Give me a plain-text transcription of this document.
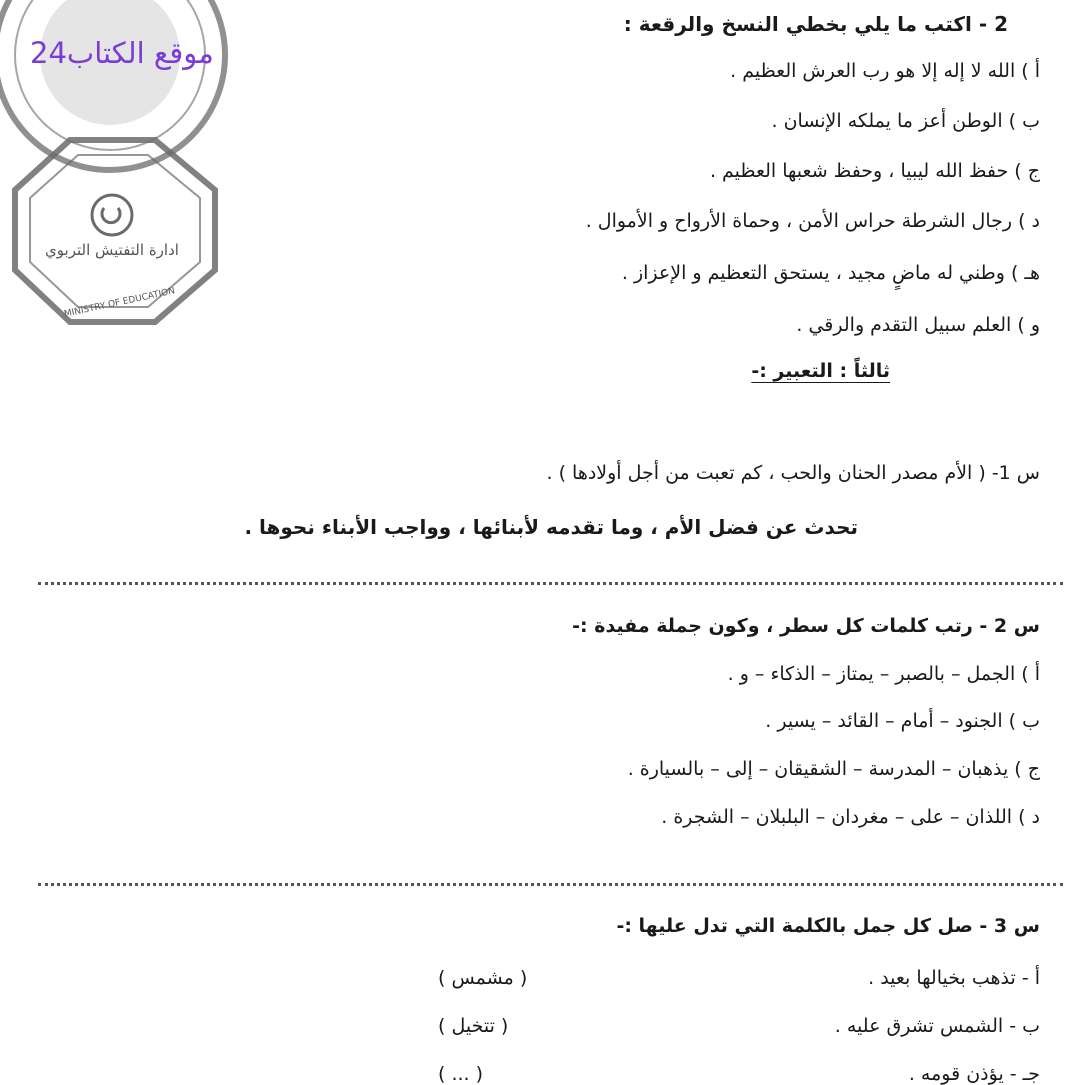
ادارة التفتيش التربوي
MINISTRY OF EDUCATION
موقع الكتاب24
2 - اكتب ما يلي بخطي النسخ والرقعة :
أ ) الله لا إله إلا هو رب العرش العظيم .
ب ) الوطن أعز ما يملكه الإنسان .
ج ) حفظ الله ليبيا ، وحفظ شعبها العظيم .
د ) رجال الشرطة حراس الأمن ، وحماة الأرواح و الأموال .
هـ ) وطني له ماضٍ مجيد ، يستحق التعظيم و الإعزاز .
و ) العلم سبيل التقدم والرقي .
ثالثاً : التعبير :-
س 1- ( الأم مصدر الحنان والحب ، كم تعبت من أجل أولادها ) .
تحدث عن فضل الأم ، وما تقدمه لأبنائها ، وواجب الأبناء نحوها .
س 2 - رتب كلمات كل سطر ، وكون جملة مفيدة :-
أ ) الجمل – بالصبر – يمتاز – الذكاء – و .
ب ) الجنود – أمام – القائد – يسير .
ج ) يذهبان – المدرسة – الشقيقان – إلى – بالسيارة .
د ) اللذان – على – مغردان – البلبلان – الشجرة .
س 3 - صل كل جمل بالكلمة التي تدل عليها :-
أ - تذهب بخيالها بعيد .
( مشمس )
ب - الشمس تشرق عليه .
( تتخيل )
جـ - يؤذن قومه .
( ... )
